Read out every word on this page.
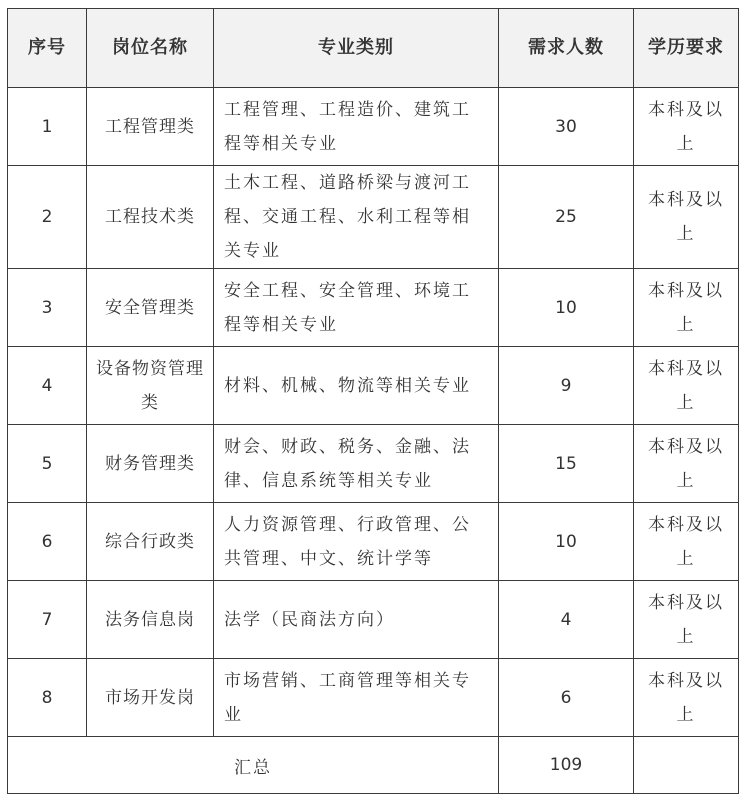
序号	岗位名称	专业类别	需求人数	学历要求
1	工程管理类	工程管理、工程造价、建筑工程等相关专业	30	本科及以上
2	工程技术类	土木工程、道路桥梁与渡河工程、交通工程、水利工程等相关专业	25	本科及以上
3	安全管理类	安全工程、安全管理、环境工程等相关专业	10	本科及以上
4	设备物资管理类	材料、机械、物流等相关专业	9	本科及以上
5	财务管理类	财会、财政、税务、金融、法律、信息系统等相关专业	15	本科及以上
6	综合行政类	人力资源管理、行政管理、公共管理、中文、统计学等	10	本科及以上
7	法务信息岗	法学（民商法方向）	4	本科及以上
8	市场开发岗	市场营销、工商管理等相关专业	6	本科及以上
汇总			109	
